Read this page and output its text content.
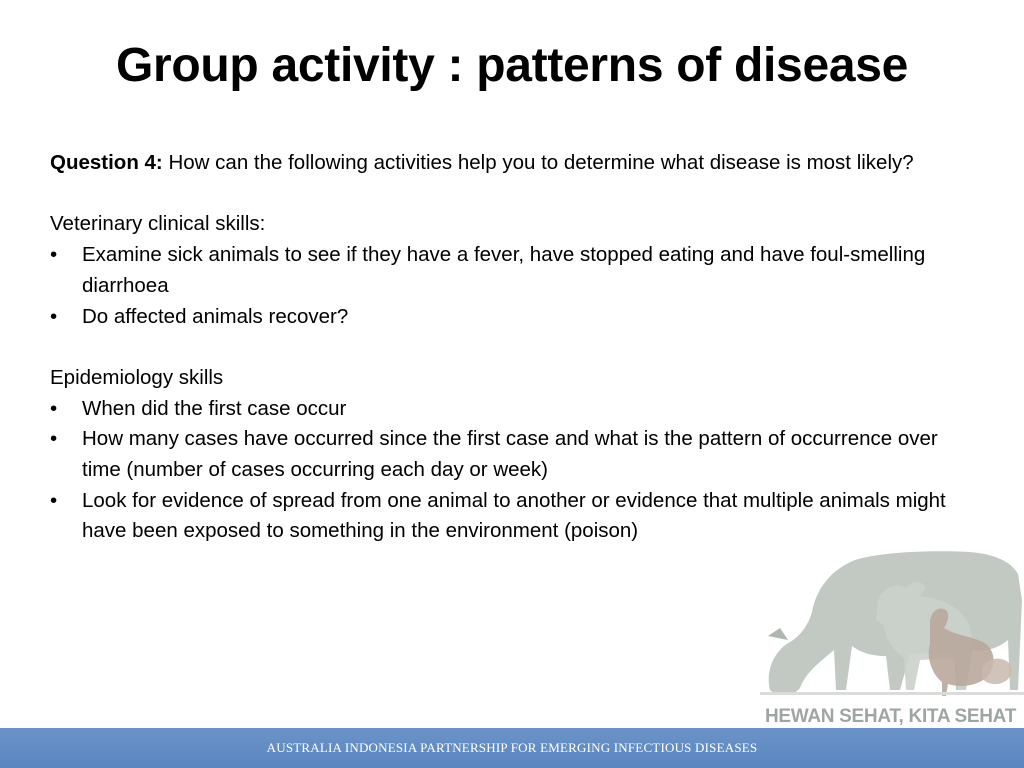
Group activity : patterns of disease

Question 4: How can the following activities help you to determine what disease is most likely?

Veterinary clinical skills:

• Examine sick animals to see if they have a fever, have stopped eating and have foul-smelling diarrhoea
• Do affected animals recover?

Epidemiology skills

• When did the first case occur
• How many cases have occurred since the first case and what is the pattern of occurrence over time (number of cases occurring each day or week)
• Look for evidence of spread from one animal to another or evidence that multiple animals might have been exposed to something in the environment (poison)
HEWAN SEHAT, KITA SEHAT
AUSTRALIA INDONESIA PARTNERSHIP FOR EMERGING INFECTIOUS DISEASES
